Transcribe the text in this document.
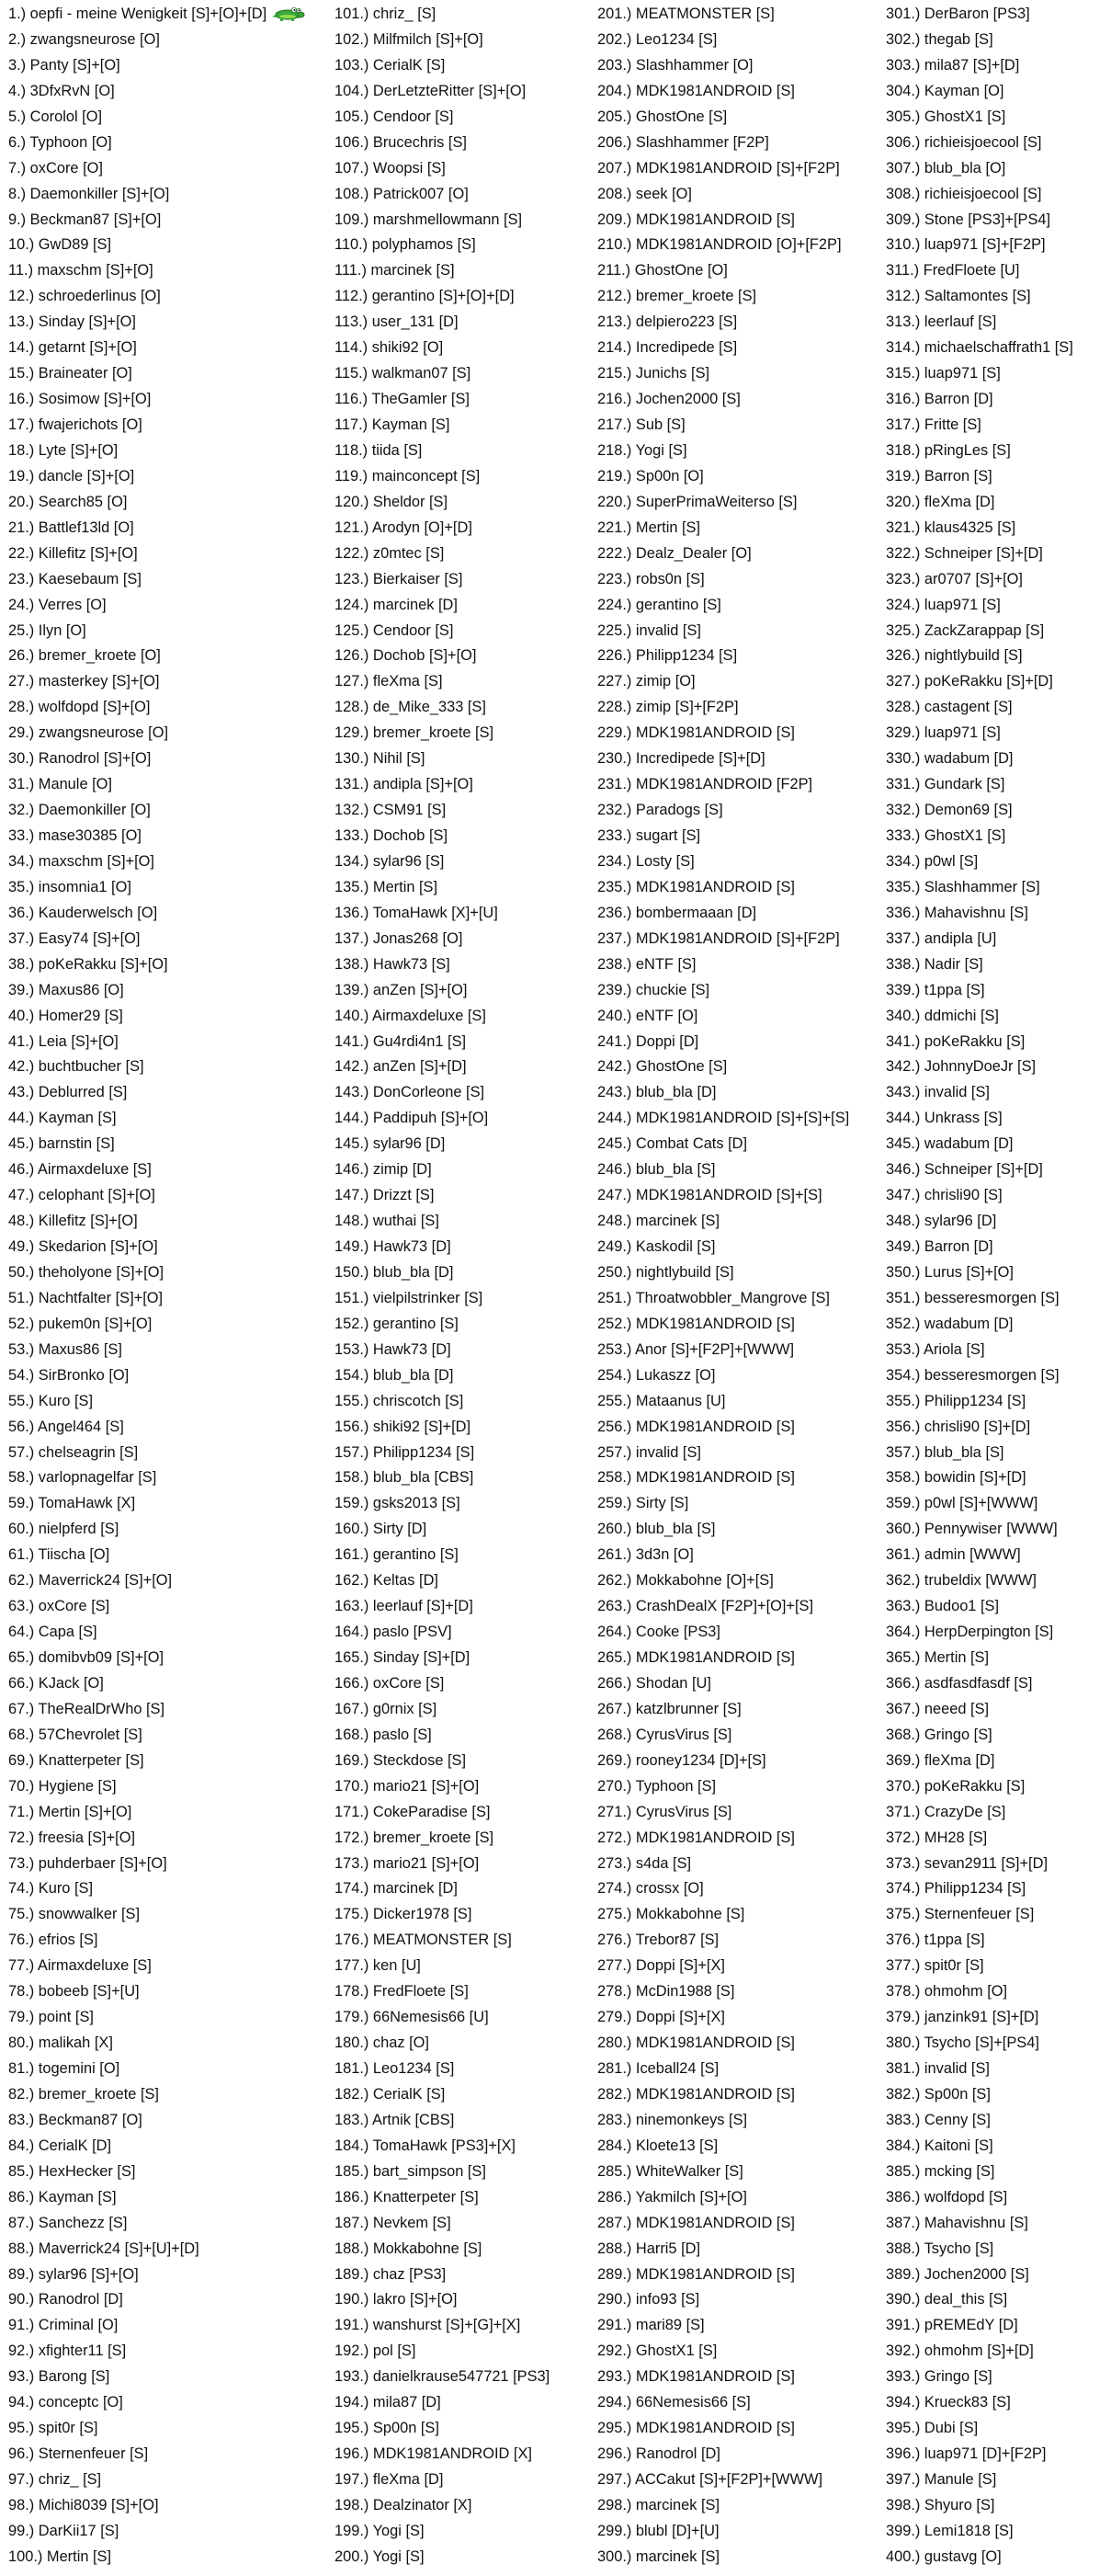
1.) oepfi - meine Wenigkeit [S]+[O]+[D]
2.) zwangsneurose [O]
3.) Panty [S]+[O]
4.) 3DfxRvN [O]
5.) Corolol [O]
6.) Typhoon [O]
7.) oxCore [O]
8.) Daemonkiller [S]+[O]
9.) Beckman87 [S]+[O]
10.) GwD89 [S]
11.) maxschm [S]+[O]
12.) schroederlinus [O]
13.) Sinday [S]+[O]
14.) getarnt [S]+[O]
15.) Braineater [O]
16.) Sosimow [S]+[O]
17.) fwajerichots [O]
18.) Lyte [S]+[O]
19.) dancle [S]+[O]
20.) Search85 [O]
21.) Battlef13ld [O]
22.) Killefitz [S]+[O]
23.) Kaesebaum [S]
24.) Verres [O]
25.) Ilyn [O]
26.) bremer_kroete [O]
27.) masterkey [S]+[O]
28.) wolfdopd [S]+[O]
29.) zwangsneurose [O]
30.) Ranodrol [S]+[O]
31.) Manule [O]
32.) Daemonkiller [O]
33.) mase30385 [O]
34.) maxschm [S]+[O]
35.) insomnia1 [O]
36.) Kauderwelsch [O]
37.) Easy74 [S]+[O]
38.) poKeRakku [S]+[O]
39.) Maxus86 [O]
40.) Homer29 [S]
41.) Leia [S]+[O]
42.) buchtbucher [S]
43.) Deblurred [S]
44.) Kayman [S]
45.) barnstin [S]
46.) Airmaxdeluxe [S]
47.) celophant [S]+[O]
48.) Killefitz [S]+[O]
49.) Skedarion [S]+[O]
50.) theholyone [S]+[O]
51.) Nachtfalter [S]+[O]
52.) pukem0n [S]+[O]
53.) Maxus86 [S]
54.) SirBronko [O]
55.) Kuro [S]
56.) Angel464 [S]
57.) chelseagrin [S]
58.) varlopnagelfar [S]
59.) TomaHawk [X]
60.) nielpferd [S]
61.) Tiischa [O]
62.) Maverrick24 [S]+[O]
63.) oxCore [S]
64.) Capa [S]
65.) domibvb09 [S]+[O]
66.) KJack [O]
67.) TheRealDrWho [S]
68.) 57Chevrolet [S]
69.) Knatterpeter [S]
70.) Hygiene [S]
71.) Mertin [S]+[O]
72.) freesia [S]+[O]
73.) puhderbaer [S]+[O]
74.) Kuro [S]
75.) snowwalker [S]
76.) efrios [S]
77.) Airmaxdeluxe [S]
78.) bobeeb [S]+[U]
79.) point [S]
80.) malikah [X]
81.) togemini [O]
82.) bremer_kroete [S]
83.) Beckman87 [O]
84.) CerialK [D]
85.) HexHecker [S]
86.) Kayman [S]
87.) Sanchezz [S]
88.) Maverrick24 [S]+[U]+[D]
89.) sylar96 [S]+[O]
90.) Ranodrol [D]
91.) Criminal [O]
92.) xfighter11 [S]
93.) Barong [S]
94.) conceptc [O]
95.) spit0r [S]
96.) Sternenfeuer [S]
97.) chriz_ [S]
98.) Michi8039 [S]+[O]
99.) DarKii17 [S]
100.) Mertin [S]
101.) chriz_ [S]
102.) Milfmilch [S]+[O]
103.) CerialK [S]
104.) DerLetzteRitter [S]+[O]
105.) Cendoor [S]
106.) Brucechris [S]
107.) Woopsi [S]
108.) Patrick007 [O]
109.) marshmellowmann [S]
110.) polyphamos [S]
111.) marcinek [S]
112.) gerantino [S]+[O]+[D]
113.) user_131 [D]
114.) shiki92 [O]
115.) walkman07 [S]
116.) TheGamler [S]
117.) Kayman [S]
118.) tiida [S]
119.) mainconcept [S]
120.) Sheldor [S]
121.) Arodyn [O]+[D]
122.) z0mtec [S]
123.) Bierkaiser [S]
124.) marcinek [D]
125.) Cendoor [S]
126.) Dochob [S]+[O]
127.) fleXma [S]
128.) de_Mike_333 [S]
129.) bremer_kroete [S]
130.) Nihil [S]
131.) andipla [S]+[O]
132.) CSM91 [S]
133.) Dochob [S]
134.) sylar96 [S]
135.) Mertin [S]
136.) TomaHawk [X]+[U]
137.) Jonas268 [O]
138.) Hawk73 [S]
139.) anZen [S]+[O]
140.) Airmaxdeluxe [S]
141.) Gu4rdi4n1 [S]
142.) anZen [S]+[D]
143.) DonCorleone [S]
144.) Paddipuh [S]+[O]
145.) sylar96 [D]
146.) zimip [D]
147.) Drizzt [S]
148.) wuthai [S]
149.) Hawk73 [D]
150.) blub_bla [D]
151.) vielpilstrinker [S]
152.) gerantino [S]
153.) Hawk73 [D]
154.) blub_bla [D]
155.) chriscotch [S]
156.) shiki92 [S]+[D]
157.) Philipp1234 [S]
158.) blub_bla [CBS]
159.) gsks2013 [S]
160.) Sirty [D]
161.) gerantino [S]
162.) Keltas [D]
163.) leerlauf [S]+[D]
164.) paslo [PSV]
165.) Sinday [S]+[D]
166.) oxCore [S]
167.) g0rnix [S]
168.) paslo [S]
169.) Steckdose [S]
170.) mario21 [S]+[O]
171.) CokeParadise [S]
172.) bremer_kroete [S]
173.) mario21 [S]+[O]
174.) marcinek [D]
175.) Dicker1978 [S]
176.) MEATMONSTER [S]
177.) ken [U]
178.) FredFloete [S]
179.) 66Nemesis66 [U]
180.) chaz [O]
181.) Leo1234 [S]
182.) CerialK [S]
183.) Artnik [CBS]
184.) TomaHawk [PS3]+[X]
185.) bart_simpson [S]
186.) Knatterpeter [S]
187.) Nevkem [S]
188.) Mokkabohne [S]
189.) chaz [PS3]
190.) lakro [S]+[O]
191.) wanshurst [S]+[G]+[X]
192.) pol [S]
193.) danielkrause547721 [PS3]
194.) mila87 [D]
195.) Sp00n [S]
196.) MDK1981ANDROID [X]
197.) fleXma [D]
198.) Dealzinator [X]
199.) Yogi [S]
200.) Yogi [S]
201.) MEATMONSTER [S]
202.) Leo1234 [S]
203.) Slashhammer [O]
204.) MDK1981ANDROID [S]
205.) GhostOne [S]
206.) Slashhammer [F2P]
207.) MDK1981ANDROID [S]+[F2P]
208.) seek [O]
209.) MDK1981ANDROID [S]
210.) MDK1981ANDROID [O]+[F2P]
211.) GhostOne [O]
212.) bremer_kroete [S]
213.) delpiero223 [S]
214.) Incredipede [S]
215.) Junichs [S]
216.) Jochen2000 [S]
217.) Sub [S]
218.) Yogi [S]
219.) Sp00n [O]
220.) SuperPrimaWeiterso [S]
221.) Mertin [S]
222.) Dealz_Dealer [O]
223.) robs0n [S]
224.) gerantino [S]
225.) invalid [S]
226.) Philipp1234 [S]
227.) zimip [O]
228.) zimip [S]+[F2P]
229.) MDK1981ANDROID [S]
230.) Incredipede [S]+[D]
231.) MDK1981ANDROID [F2P]
232.) Paradogs [S]
233.) sugart [S]
234.) Losty [S]
235.) MDK1981ANDROID [S]
236.) bombermaaan [D]
237.) MDK1981ANDROID [S]+[F2P]
238.) eNTF [S]
239.) chuckie [S]
240.) eNTF [O]
241.) Doppi [D]
242.) GhostOne [S]
243.) blub_bla [D]
244.) MDK1981ANDROID [S]+[S]+[S]
245.) Combat Cats [D]
246.) blub_bla [S]
247.) MDK1981ANDROID [S]+[S]
248.) marcinek [S]
249.) Kaskodil [S]
250.) nightlybuild [S]
251.) Throatwobbler_Mangrove [S]
252.) MDK1981ANDROID [S]
253.) Anor [S]+[F2P]+[WWW]
254.) Lukaszz [O]
255.) Mataanus [U]
256.) MDK1981ANDROID [S]
257.) invalid [S]
258.) MDK1981ANDROID [S]
259.) Sirty [S]
260.) blub_bla [S]
261.) 3d3n [O]
262.) Mokkabohne [O]+[S]
263.) CrashDealX [F2P]+[O]+[S]
264.) Cooke [PS3]
265.) MDK1981ANDROID [S]
266.) Shodan [U]
267.) katzlbrunner [S]
268.) CyrusVirus [S]
269.) rooney1234 [D]+[S]
270.) Typhoon [S]
271.) CyrusVirus [S]
272.) MDK1981ANDROID [S]
273.) s4da [S]
274.) crossx [O]
275.) Mokkabohne [S]
276.) Trebor87 [S]
277.) Doppi [S]+[X]
278.) McDin1988 [S]
279.) Doppi [S]+[X]
280.) MDK1981ANDROID [S]
281.) Iceball24 [S]
282.) MDK1981ANDROID [S]
283.) ninemonkeys [S]
284.) Kloete13 [S]
285.) WhiteWalker [S]
286.) Yakmilch [S]+[O]
287.) MDK1981ANDROID [S]
288.) Harri5 [D]
289.) MDK1981ANDROID [S]
290.) info93 [S]
291.) mari89 [S]
292.) GhostX1 [S]
293.) MDK1981ANDROID [S]
294.) 66Nemesis66 [S]
295.) MDK1981ANDROID [S]
296.) Ranodrol [D]
297.) ACCakut [S]+[F2P]+[WWW]
298.) marcinek [S]
299.) blubl [D]+[U]
300.) marcinek [S]
301.) DerBaron [PS3]
302.) thegab [S]
303.) mila87 [S]+[D]
304.) Kayman [O]
305.) GhostX1 [S]
306.) richieisjoecool [S]
307.) blub_bla [O]
308.) richieisjoecool [S]
309.) Stone [PS3]+[PS4]
310.) luap971 [S]+[F2P]
311.) FredFloete [U]
312.) Saltamontes [S]
313.) leerlauf [S]
314.) michaelschaffrath1 [S]
315.) luap971 [S]
316.) Barron [D]
317.) Fritte [S]
318.) pRingLes [S]
319.) Barron [S]
320.) fleXma [D]
321.) klaus4325 [S]
322.) Schneiper [S]+[D]
323.) ar0707 [S]+[O]
324.) luap971 [S]
325.) ZackZarappap [S]
326.) nightlybuild [S]
327.) poKeRakku [S]+[D]
328.) castagent [S]
329.) luap971 [S]
330.) wadabum [D]
331.) Gundark [S]
332.) Demon69 [S]
333.) GhostX1 [S]
334.) p0wl [S]
335.) Slashhammer [S]
336.) Mahavishnu [S]
337.) andipla [U]
338.) Nadir [S]
339.) t1ppa [S]
340.) ddmichi [S]
341.) poKeRakku [S]
342.) JohnnyDoeJr [S]
343.) invalid [S]
344.) Unkrass [S]
345.) wadabum [D]
346.) Schneiper [S]+[D]
347.) chrisli90 [S]
348.) sylar96 [D]
349.) Barron [D]
350.) Lurus [S]+[O]
351.) besseresmorgen [S]
352.) wadabum [D]
353.) Ariola [S]
354.) besseresmorgen [S]
355.) Philipp1234 [S]
356.) chrisli90 [S]+[D]
357.) blub_bla [S]
358.) bowidin [S]+[D]
359.) p0wl [S]+[WWW]
360.) Pennywiser [WWW]
361.) admin [WWW]
362.) trubeldix [WWW]
363.) Budoo1 [S]
364.) HerpDerpington [S]
365.) Mertin [S]
366.) asdfasdfasdf [S]
367.) neeed [S]
368.) Gringo [S]
369.) fleXma [D]
370.) poKeRakku [S]
371.) CrazyDe [S]
372.) MH28 [S]
373.) sevan2911 [S]+[D]
374.) Philipp1234 [S]
375.) Sternenfeuer [S]
376.) t1ppa [S]
377.) spit0r [S]
378.) ohmohm [O]
379.) janzink91 [S]+[D]
380.) Tsycho [S]+[PS4]
381.) invalid [S]
382.) Sp00n [S]
383.) Cenny [S]
384.) Kaitoni [S]
385.) mcking [S]
386.) wolfdopd [S]
387.) Mahavishnu [S]
388.) Tsycho [S]
389.) Jochen2000 [S]
390.) deal_this [S]
391.) pREMEdY [D]
392.) ohmohm [S]+[D]
393.) Gringo [S]
394.) Krueck83 [S]
395.) Dubi [S]
396.) luap971 [D]+[F2P]
397.) Manule [S]
398.) Shyuro [S]
399.) Lemi1818 [S]
400.) gustavg [O]
